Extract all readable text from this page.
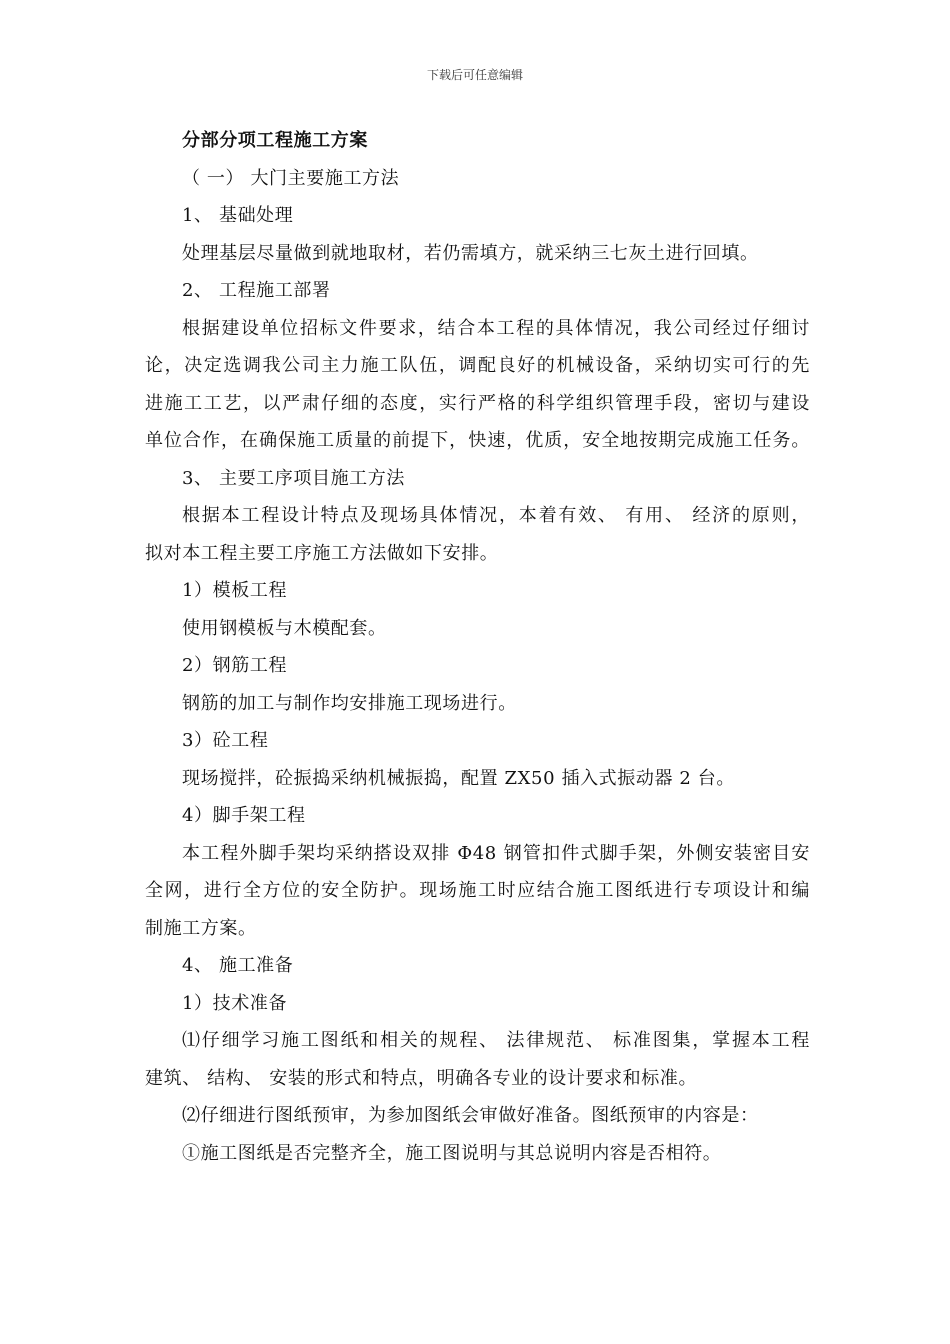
下载后可任意编辑
分部分项工程施工方案
（ 一） 大门主要施工方法
1、 基础处理
处理基层尽量做到就地取材，若仍需填方，就采纳三七灰土进行回填。
2、 工程施工部署
根据建设单位招标文件要求，结合本工程的具体情况，我公司经过仔细讨
论，决定选调我公司主力施工队伍，调配良好的机械设备，采纳切实可行的先
进施工工艺，以严肃仔细的态度，实行严格的科学组织管理手段，密切与建设
单位合作，在确保施工质量的前提下，快速，优质，安全地按期完成施工任务。
3、 主要工序项目施工方法
根据本工程设计特点及现场具体情况，本着有效、 有用、 经济的原则，
拟对本工程主要工序施工方法做如下安排。
1）模板工程
使用钢模板与木模配套。
2）钢筋工程
钢筋的加工与制作均安排施工现场进行。
3）砼工程
现场搅拌，砼振捣采纳机械振捣，配置 ZX50 插入式振动器 2 台。
4）脚手架工程
本工程外脚手架均采纳搭设双排 Φ48 钢管扣件式脚手架，外侧安装密目安
全网，进行全方位的安全防护。现场施工时应结合施工图纸进行专项设计和编
制施工方案。
4、 施工准备
1）技术准备
⑴仔细学习施工图纸和相关的规程、 法律规范、 标准图集，掌握本工程
建筑、 结构、 安装的形式和特点，明确各专业的设计要求和标准。
⑵仔细进行图纸预审，为参加图纸会审做好准备。图纸预审的内容是：
①施工图纸是否完整齐全，施工图说明与其总说明内容是否相符。
